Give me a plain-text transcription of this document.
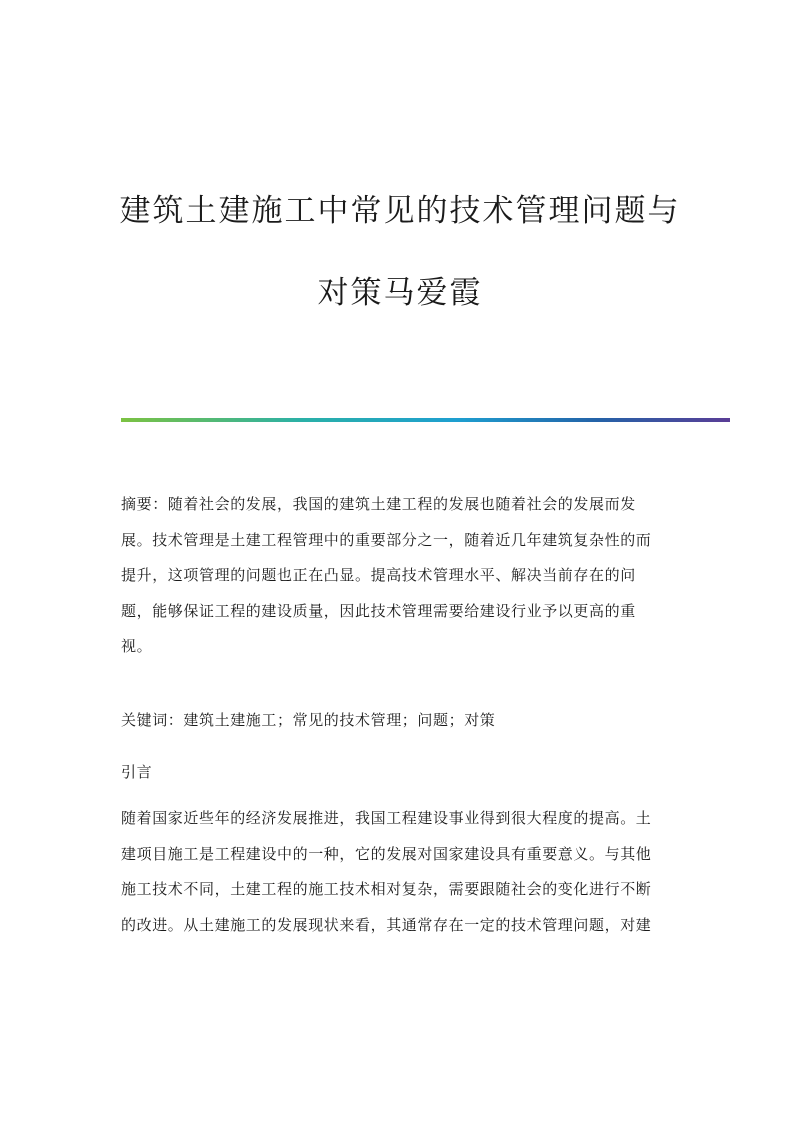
建筑土建施工中常见的技术管理问题与
对策马爱霞

摘要：随着社会的发展，我国的建筑土建工程的发展也随着社会的发展而发展。技术管理是土建工程管理中的重要部分之一，随着近几年建筑复杂性的而提升，这项管理的问题也正在凸显。提高技术管理水平、解决当前存在的问题，能够保证工程的建设质量，因此技术管理需要给建设行业予以更高的重视。

关键词：建筑土建施工；常见的技术管理；问题；对策

引言

随着国家近些年的经济发展推进，我国工程建设事业得到很大程度的提高。土建项目施工是工程建设中的一种，它的发展对国家建设具有重要意义。与其他施工技术不同，土建工程的施工技术相对复杂，需要跟随社会的变化进行不断的改进。从土建施工的发展现状来看，其通常存在一定的技术管理问题，对建
